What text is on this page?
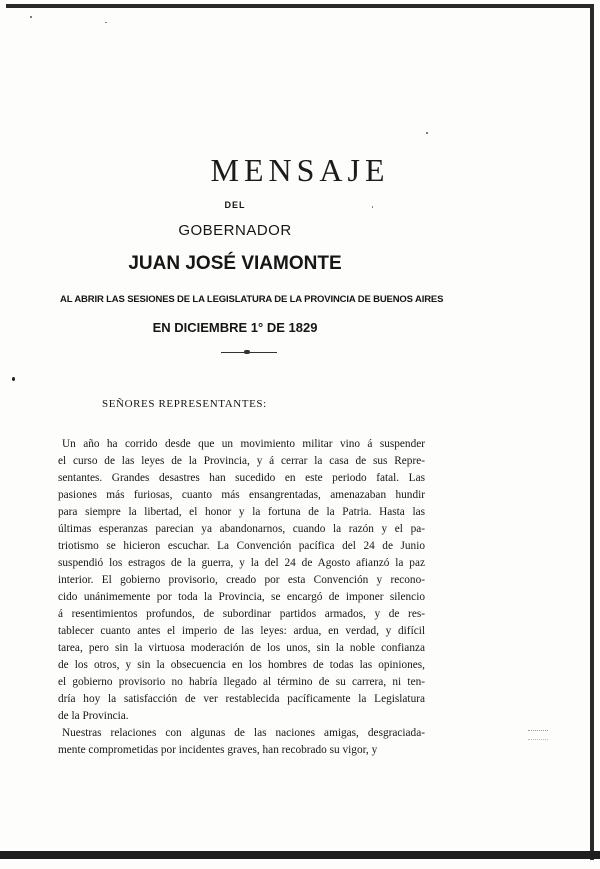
MENSAJE
DEL
GOBERNADOR
JUAN JOSÉ VIAMONTE
AL ABRIR LAS SESIONES DE LA LEGISLATURA DE LA PROVINCIA DE BUENOS AIRES
EN DICIEMBRE 1° DE 1829
SEÑORES REPRESENTANTES:
Un año ha corrido desde que un movimiento militar vino á suspender
el curso de las leyes de la Provincia, y á cerrar la casa de sus Repre-
sentantes. Grandes desastres han sucedido en este periodo fatal. Las
pasiones más furiosas, cuanto más ensangrentadas, amenazaban hundir
para siempre la libertad, el honor y la fortuna de la Patria. Hasta las
últimas esperanzas parecian ya abandonarnos, cuando la razón y el pa-
triotismo se hicieron escuchar. La Convención pacífica del 24 de Junio
suspendió los estragos de la guerra, y la del 24 de Agosto afianzó la paz
interior. El gobierno provisorio, creado por esta Convención y recono-
cido unánimemente por toda la Provincia, se encargó de imponer silencio
á resentimientos profundos, de subordinar partidos armados, y de res-
tablecer cuanto antes el imperio de las leyes: ardua, en verdad, y difícil
tarea, pero sin la virtuosa moderación de los unos, sin la noble confianza
de los otros, y sin la obsecuencia en los hombres de todas las opiniones,
el gobierno provisorio no habría llegado al término de su carrera, ni ten-
dría hoy la satisfacción de ver restablecida pacíficamente la Legislatura
de la Provincia.
Nuestras relaciones con algunas de las naciones amigas, desgraciada-
mente comprometidas por incidentes graves, han recobrado su vigor, y
